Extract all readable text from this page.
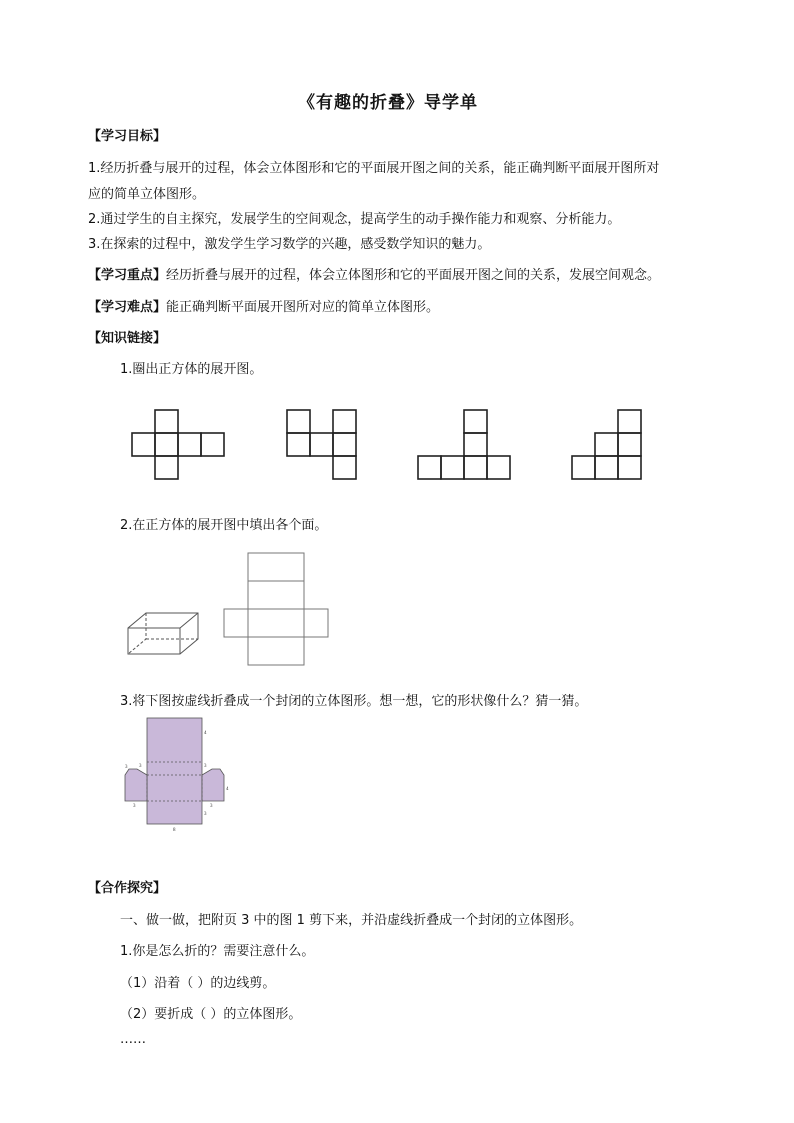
《有趣的折叠》导学单
【学习目标】
1.经历折叠与展开的过程，体会立体图形和它的平面展开图之间的关系，能正确判断平面展开图所对
应的简单立体图形。
2.通过学生的自主探究，发展学生的空间观念，提高学生的动手操作能力和观察、分析能力。
3.在探索的过程中，激发学生学习数学的兴趣，感受数学知识的魅力。
【学习重点】经历折叠与展开的过程，体会立体图形和它的平面展开图之间的关系，发展空间观念。
【学习难点】能正确判断平面展开图所对应的简单立体图形。
【知识链接】
1.圈出正方体的展开图。
2.在正方体的展开图中填出各个面。
3.将下图按虚线折叠成一个封闭的立体图形。想一想，它的形状像什么？猜一猜。
4
4
3	3
3	3
8
3
3
【合作探究】
一、做一做，把附页 3 中的图 1 剪下来，并沿虚线折叠成一个封闭的立体图形。
1.你是怎么折的？需要注意什么。
（1）沿着（ ）的边线剪。
（2）要折成（ ）的立体图形。
……
